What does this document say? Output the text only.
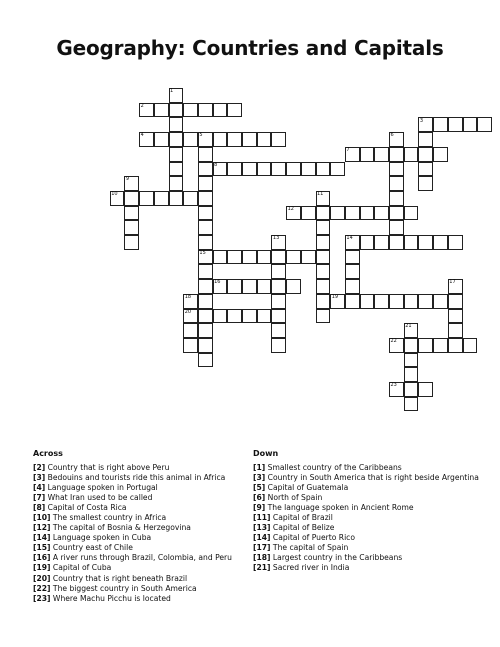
Geography: Countries and Capitals
1
2
3
4	5	6
7
8
9
10	11
12
13	14
15
16	17
18	19
20
21
22
23
Across
[2] Country that is right above Peru
[3] Bedouins and tourists ride this animal in Africa
[4] Language spoken in Portugal
[7] What Iran used to be called
[8] Capital of Costa Rica
[10] The smallest country in Africa
[12] The capital of Bosnia & Herzegovina
[14] Language spoken in Cuba
[15] Country east of Chile
[16] A river runs through Brazil, Colombia, and Peru
[19] Capital of Cuba
[20] Country that is right beneath Brazil
[22] The biggest country in South America
[23] Where Machu Picchu is located
Down
[1] Smallest country of the Caribbeans
[3] Country in South America that is right beside Argentina
[5] Capital of Guatemala
[6] North of Spain
[9] The language spoken in Ancient Rome
[11] Capital of Brazil
[13] Capital of Belize
[14] Capital of Puerto Rico
[17] The capital of Spain
[18] Largest country in the Caribbeans
[21] Sacred river in India
